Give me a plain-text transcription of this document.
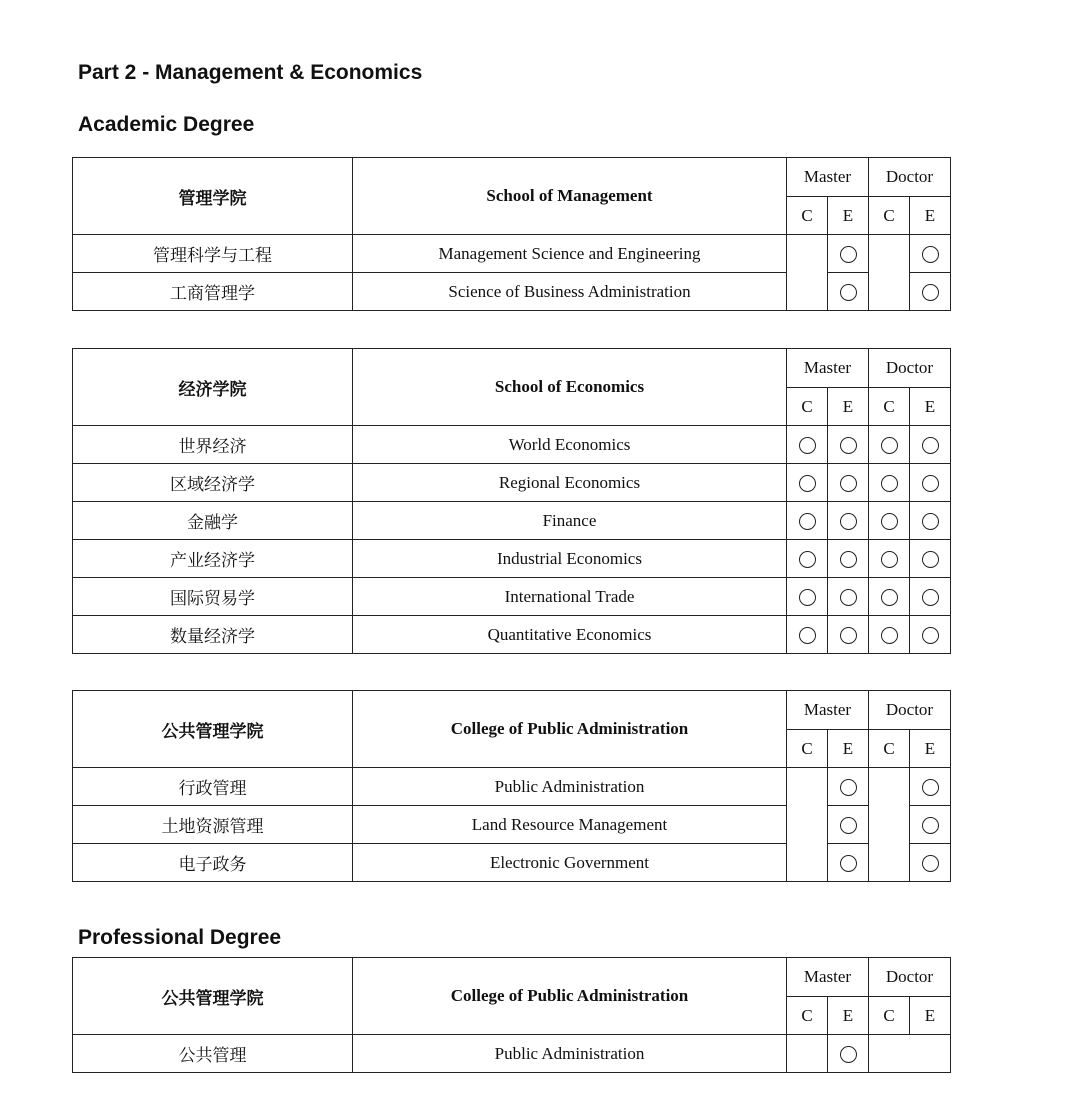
Part 2 - Management & Economics
Academic Degree
Professional Degree
管理学院	School of Management	Master		Doctor	
		C	E	C	E
管理科学与工程	Management Science and Engineering				
工商管理学	Science of Business Administration				
经济学院	School of Economics	Master		Doctor	
		C	E	C	E
世界经济	World Economics				
区域经济学	Regional Economics				
金融学	Finance				
产业经济学	Industrial Economics				
国际贸易学	International Trade				
数量经济学	Quantitative Economics				
公共管理学院	College of Public Administration	Master		Doctor	
		C	E	C	E
行政管理	Public Administration				
土地资源管理	Land Resource Management				
电子政务	Electronic Government				
公共管理学院	College of Public Administration	Master		Doctor	
		C	E	C	E
公共管理	Public Administration				
